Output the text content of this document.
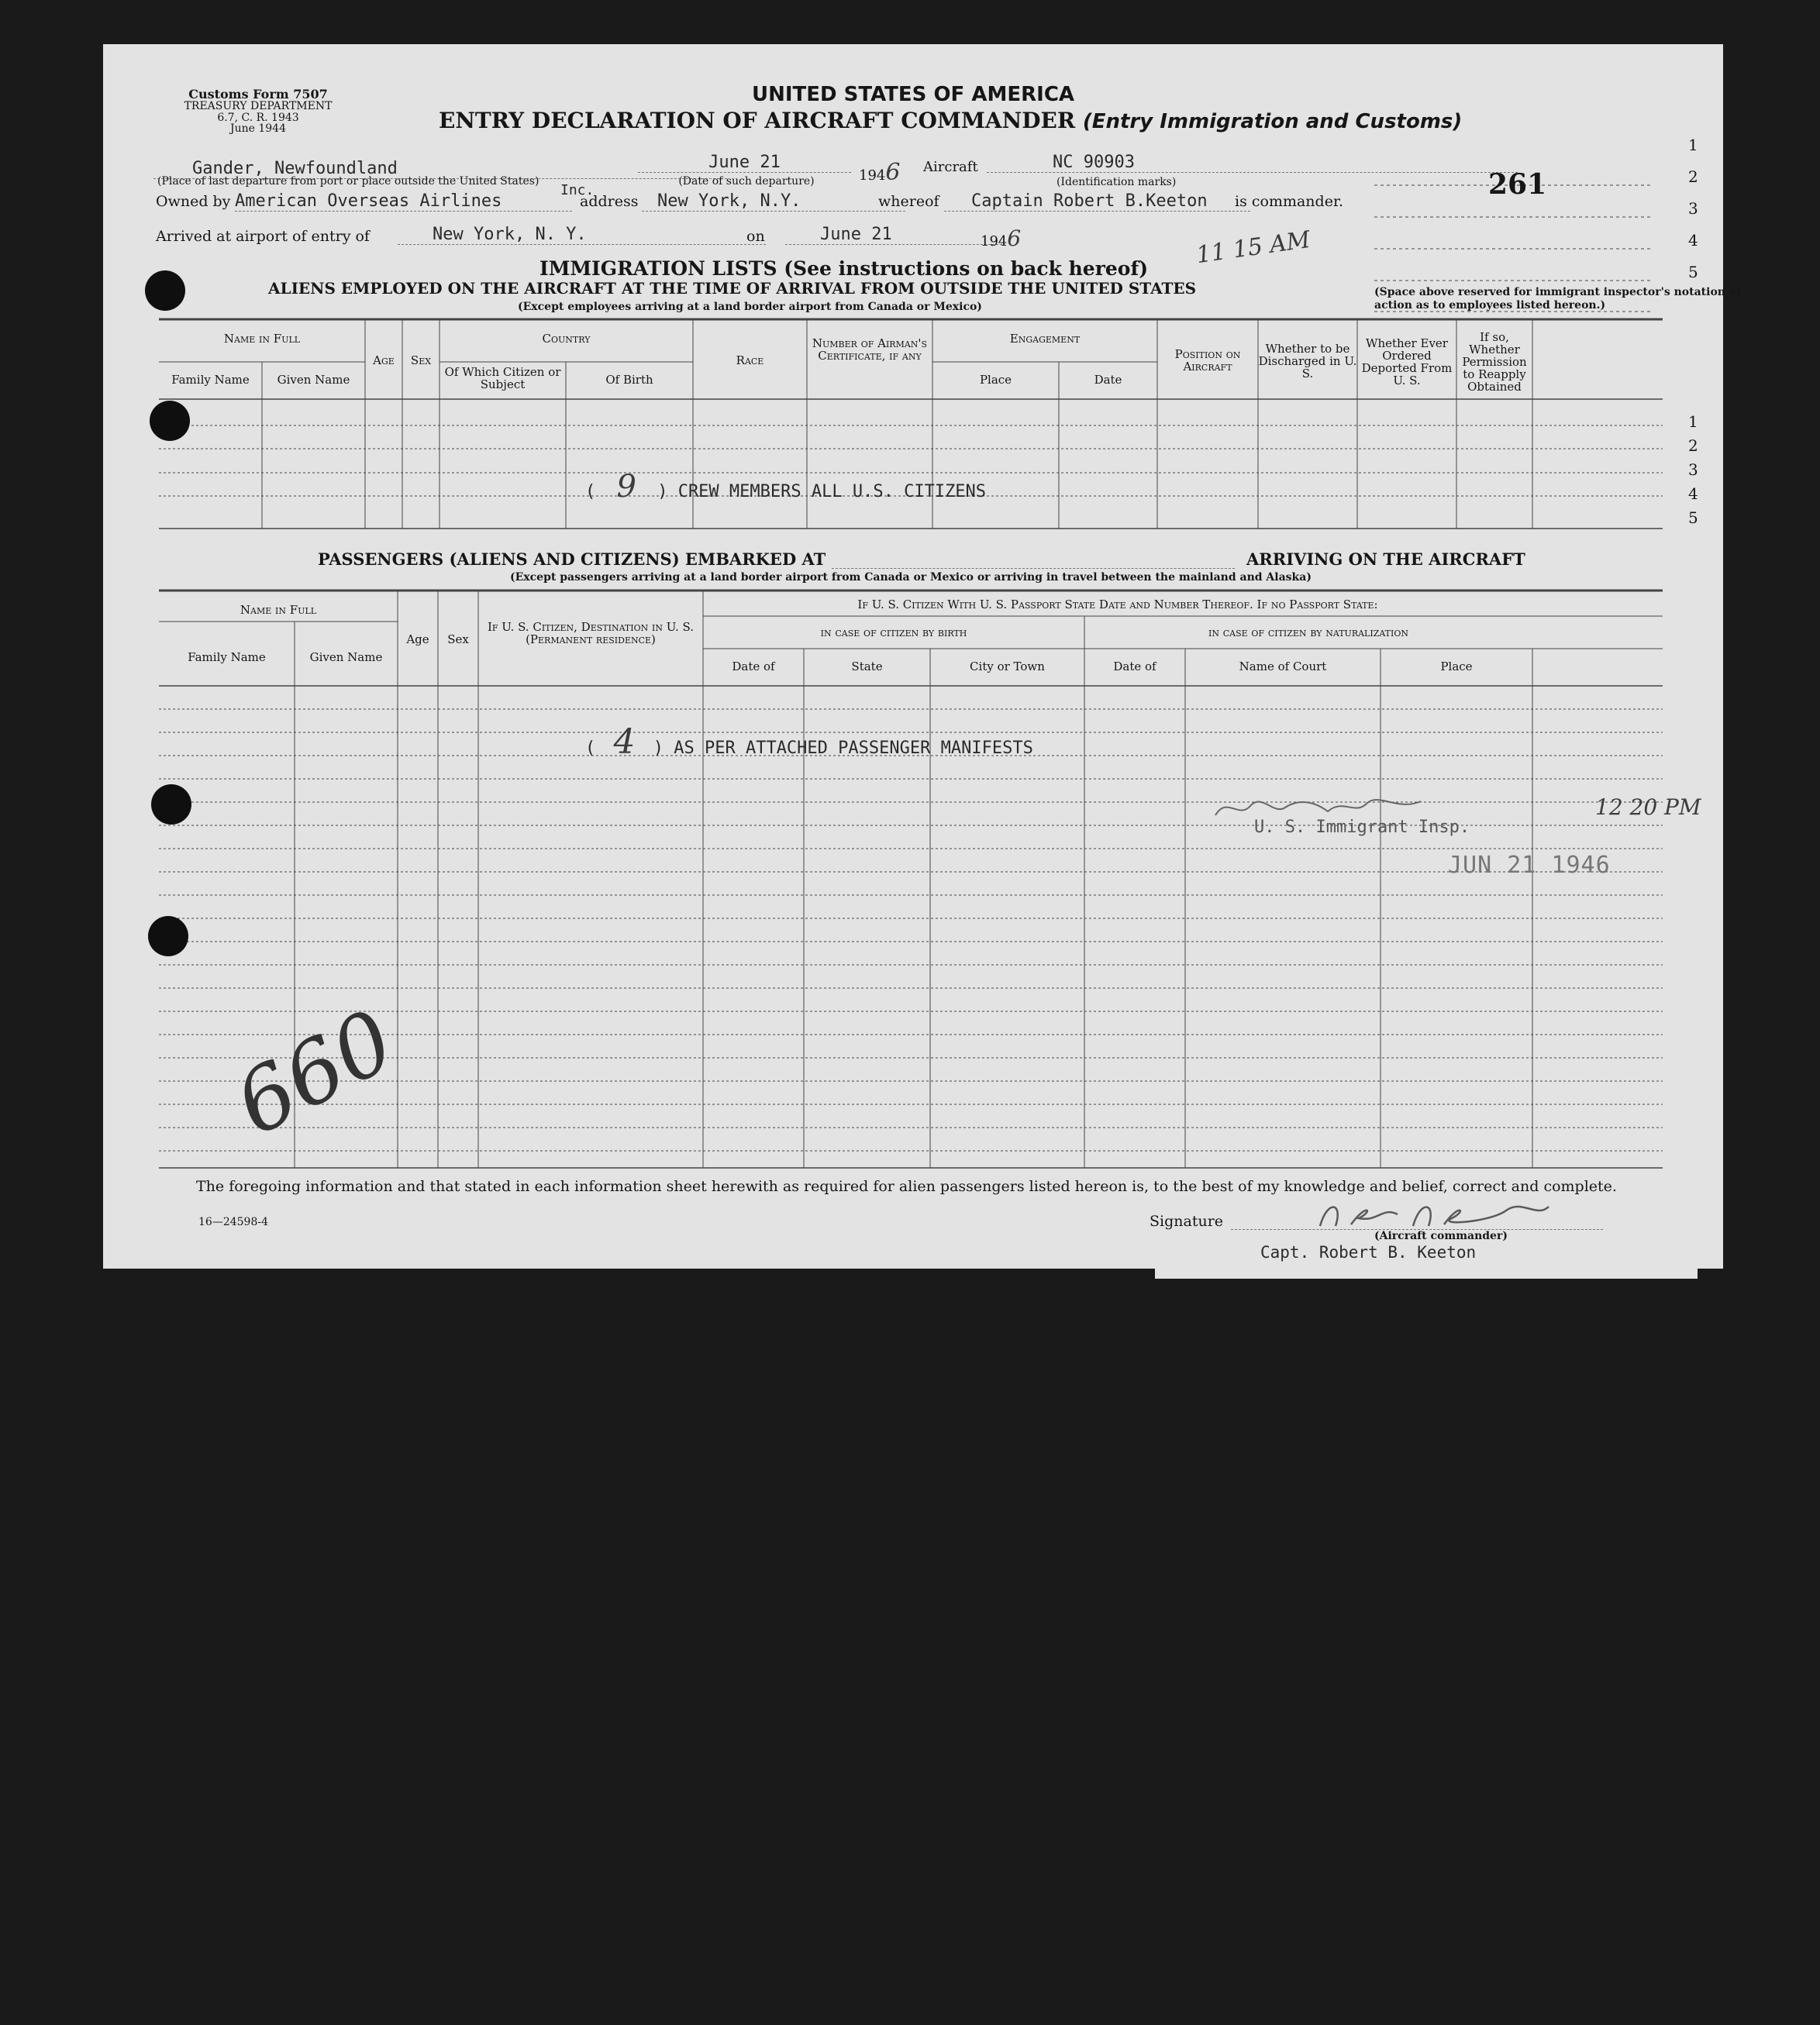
Customs Form 7507
TREASURY DEPARTMENT
6.7, C. R. 1943
June 1944
UNITED STATES OF AMERICA
ENTRY DECLARATION OF AIRCRAFT COMMANDER (Entry Immigration and Customs)
Gander, Newfoundland
(Place of last departure from port or place outside the United States)
June 21
(Date of such departure)	1946 Aircraft	NC 90903
(Identification marks)
Owned by American Overseas Airlines
Inc.
address	New York, N.Y.	whereof	Captain Robert B.Keeton	is commander.
Arrived at airport of entry of	New York, N. Y.	on	June 21	1946	11 15 AM
261
1
2
3
4
5
(Space above reserved for immigrant inspector's notation of action as to employees listed hereon.)
IMMIGRATION LISTS (See instructions on back hereof)
ALIENS EMPLOYED ON THE AIRCRAFT AT THE TIME OF ARRIVAL FROM OUTSIDE THE UNITED STATES
(Except employees arriving at a land border airport from Canada or Mexico)
Name in Full
Family Name	Given Name
Age	Sex
Country
Of Which Citizen or Subject	Of Birth
Race
Number of Airman's Certificate, if any
Engagement
Place	Date
Position on Aircraft
Whether to be Discharged in U. S.
Whether Ever Ordered Deported From U. S.
If so, Whether Permission to Reapply Obtained
1
2
3
4
5
( 9 ) CREW MEMBERS ALL U.S. CITIZENS
PASSENGERS (ALIENS AND CITIZENS) EMBARKED AT	ARRIVING ON THE AIRCRAFT
(Except passengers arriving at a land border airport from Canada or Mexico or arriving in travel between the mainland and Alaska)
Name in Full
Family Name	Given Name
Age	Sex
If U. S. Citizen, Destination in U. S. (Permanent residence)
If U. S. Citizen With U. S. Passport State Date and Number Thereof. If no Passport State:
in case of citizen by birth	in case of citizen by naturalization
Date of	State	City or Town	Date of	Name of Court	Place
( 4 ) AS PER ATTACHED PASSENGER MANIFESTS
U. S. Immigrant Insp.
12 20 PM
JUN 21 1946
660
The foregoing information and that stated in each information sheet herewith as required for alien passengers listed hereon is, to the best of my knowledge and belief, correct and complete.
16—24598-4	Signature
(Aircraft commander)
Capt. Robert B. Keeton
